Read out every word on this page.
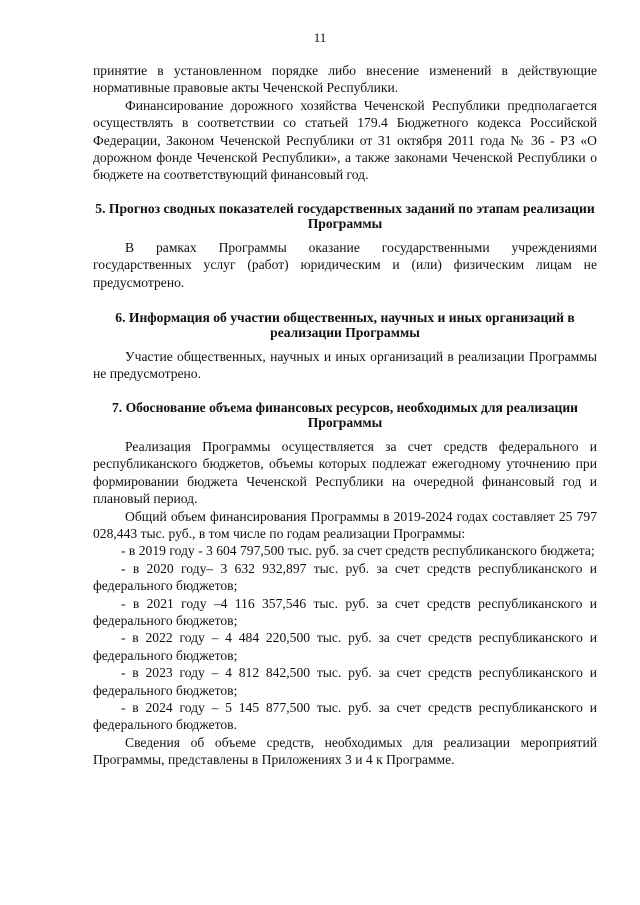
11

принятие в установленном порядке либо внесение изменений в действующие нормативные правовые акты Чеченской Республики.

Финансирование дорожного хозяйства Чеченской Республики предполагается осуществлять в соответствии со статьей 179.4 Бюджетного кодекса Российской Федерации, Законом Чеченской Республики от 31 октября 2011 года № 36 - РЗ «О дорожном фонде Чеченской Республики», а также законами Чеченской Республики о бюджете на соответствующий финансовый год.

5. Прогноз сводных показателей государственных заданий по этапам реализации Программы

В рамках Программы оказание государственными учреждениями государственных услуг (работ) юридическим и (или) физическим лицам не предусмотрено.

6. Информация об участии общественных, научных и иных организаций в реализации Программы

Участие общественных, научных и иных организаций в реализации Программы не предусмотрено.

7. Обоснование объема финансовых ресурсов, необходимых для реализации Программы

Реализация Программы осуществляется за счет средств федерального и республиканского бюджетов, объемы которых подлежат ежегодному уточнению при формировании бюджета Чеченской Республики на очередной финансовый год и плановый период.

Общий объем финансирования Программы в 2019-2024 годах составляет 25 797 028,443 тыс. руб., в том числе по годам реализации Программы:

- в 2019 году - 3 604 797,500 тыс. руб. за счет средств республиканского бюджета;

- в 2020 году– 3 632 932,897 тыс. руб. за счет средств республиканского и федерального бюджетов;

- в 2021 году –4 116 357,546 тыс. руб. за счет средств республиканского и федерального бюджетов;

- в 2022 году – 4 484 220,500 тыс. руб. за счет средств республиканского и федерального бюджетов;

- в 2023 году – 4 812 842,500 тыс. руб. за счет средств республиканского и федерального бюджетов;

- в 2024 году – 5 145 877,500 тыс. руб. за счет средств республиканского и федерального бюджетов.

Сведения об объеме средств, необходимых для реализации мероприятий Программы, представлены в Приложениях 3 и 4 к Программе.
